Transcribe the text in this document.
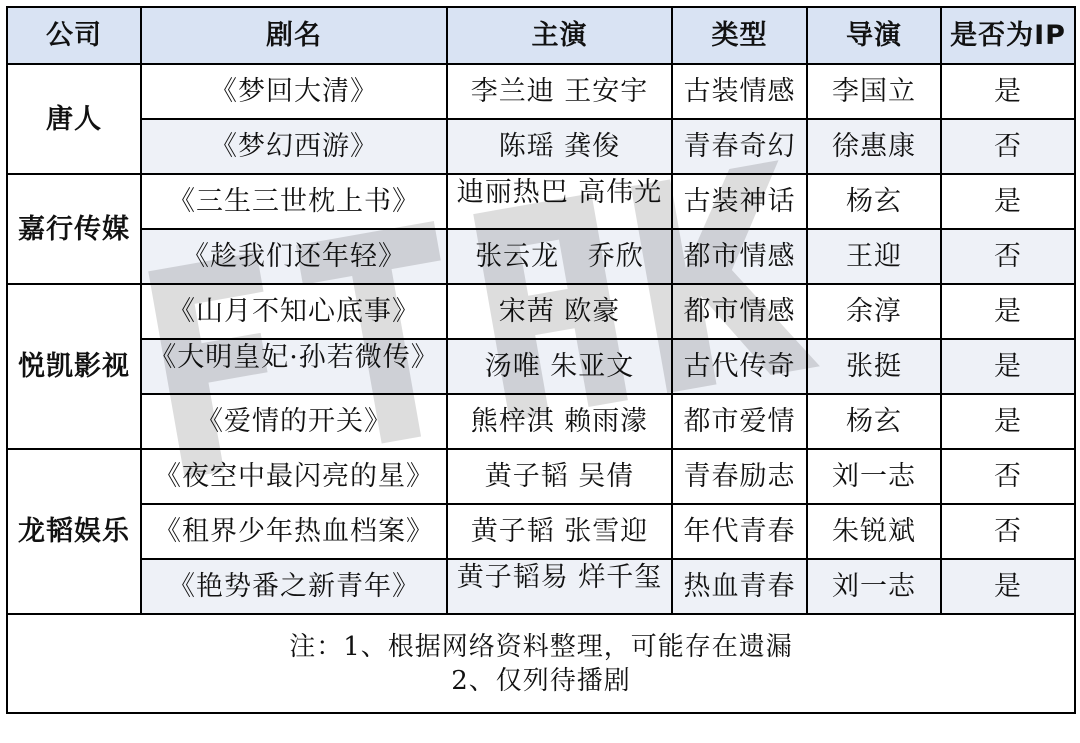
公司	剧名	主演	类型	导演	是否为IP
唐人	《梦回大清》	李兰迪 王安宇	古装情感	李国立	是
	《梦幻西游》	陈瑶 龚俊	青春奇幻	徐惠康	否
嘉行传媒	《三生三世枕上书》	迪丽热巴 高伟光	古装神话	杨玄	是
	《趁我们还年轻》	张云龙   乔欣	都市情感	王迎	否
悦凯影视	《山月不知心底事》	宋茜 欧豪	都市情感	余淳	是

	《大明皇妃·孙若微传》	汤唯 朱亚文	古代传奇	张挺	是
	《爱情的开关》	熊梓淇 赖雨濛	都市爱情	杨玄	是
龙韬娱乐	《夜空中最闪亮的星》	黄子韬 吴倩	青春励志	刘一志	否
	《租界少年热血档案》	黄子韬 张雪迎	年代青春	朱锐斌	否
	《艳势番之新青年》	黄子韬易 烊千玺	热血青春	刘一志	是

注：1、根据网络资料整理，可能存在遗漏
2、仅列待播剧					
